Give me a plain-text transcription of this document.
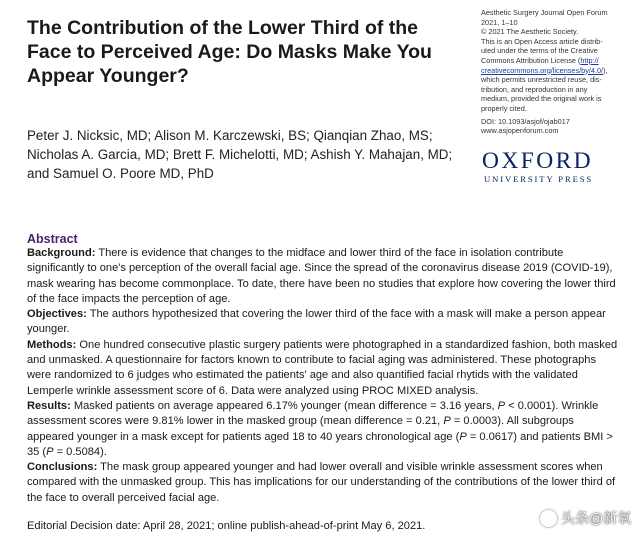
The Contribution of the Lower Third of the Face to Perceived Age: Do Masks Make You Appear Younger?
Peter J. Nicksic, MD; Alison M. Karczewski, BS; Qianqian Zhao, MS; Nicholas A. Garcia, MD; Brett F. Michelotti, MD; Ashish Y. Mahajan, MD; and Samuel O. Poore MD, PhD
Aesthetic Surgery Journal Open Forum
2021, 1–10
© 2021 The Aesthetic Society.
This is an Open Access article distrib-
uted under the terms of the Creative
Commons Attribution License (http://
creativecommons.org/licenses/by/4.0/),
which permits unrestricted reuse, dis-
tribution, and reproduction in any
medium, provided the original work is
properly cited.
DOI: 10.1093/asjof/ojab017
www.asjopenforum.com
OXFORD
UNIVERSITY PRESS
Abstract

Background: There is evidence that changes to the midface and lower third of the face in isolation contribute significantly to one's perception of the overall facial age. Since the spread of the coronavirus disease 2019 (COVID-19), mask wearing has become commonplace. To date, there have been no studies that explore how covering the lower third of the face impacts the perception of age.

Objectives: The authors hypothesized that covering the lower third of the face with a mask will make a person appear younger.

Methods: One hundred consecutive plastic surgery patients were photographed in a standardized fashion, both masked and unmasked. A questionnaire for factors known to contribute to facial aging was administered. These photographs were randomized to 6 judges who estimated the patients' age and also quantified facial rhytids with the validated Lemperle wrinkle assessment score of 6. Data were analyzed using PROC MIXED analysis.

Results: Masked patients on average appeared 6.17% younger (mean difference = 3.16 years, P < 0.0001). Wrinkle assessment scores were 9.81% lower in the masked group (mean difference = 0.21, P = 0.0003). All subgroups appeared younger in a mask except for patients aged 18 to 40 years chronological age (P = 0.0617) and patients BMI > 35 (P = 0.5084).

Conclusions: The mask group appeared younger and had lower overall and visible wrinkle assessment scores when compared with the unmasked group. This has implications for our understanding of the contributions of the lower third of the face to overall perceived facial age.

Editorial Decision date: April 28, 2021; online publish-ahead-of-print May 6, 2021.	头条@新氧
